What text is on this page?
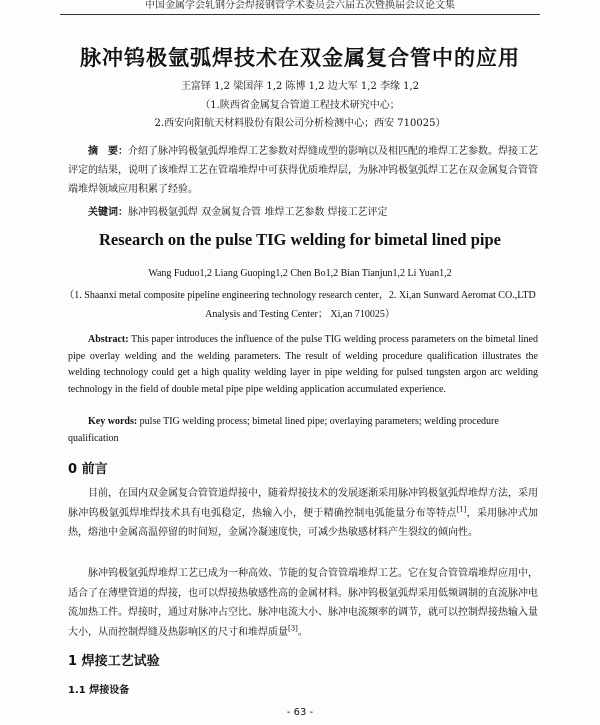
中国金属学会轧钢分会焊接钢管学术委员会六届五次暨换届会议论文集
脉冲钨极氩弧焊技术在双金属复合管中的应用
王富铎 1,2 梁国萍 1,2 陈博 1,2 边大军 1,2 李缘 1,2
（1.陕西省金属复合管道工程技术研究中心；
2.西安向阳航天材料股份有限公司分析检测中心；西安 710025）

摘　要：介绍了脉冲钨极氩弧焊堆焊工艺参数对焊缝成型的影响以及相匹配的堆焊工艺参数。焊接工艺评定的结果，说明了该堆焊工艺在管端堆焊中可获得优质堆焊层，为脉冲钨极氩弧焊工艺在双金属复合管管端堆焊领域应用积累了经验。

关键词：脉冲钨极氩弧焊 双金属复合管 堆焊工艺参数 焊接工艺评定

Research on the pulse TIG welding for bimetal lined pipe
Wang Fuduo1,2 Liang Guoping1,2 Chen Bo1,2 Bian Tianjun1,2 Li Yuan1,2

（1. Shaanxi metal composite pipeline engineering technology research center，2. Xi,an Sunward Aeromat CO.,LTD Analysis and Testing Center； Xi,an 710025）

Abstract: This paper introduces the influence of the pulse TIG welding process parameters on the bimetal lined pipe overlay welding and the welding parameters. The result of welding procedure qualification illustrates the welding technology could get a high quality welding layer in pipe welding for pulsed tungsten argon arc welding technology in the field of double metal pipe pipe welding application accumulated experience.

Key words: pulse TIG welding process; bimetal lined pipe; overlaying parameters; welding procedure qualification

0 前言

目前，在国内双金属复合管管道焊接中，随着焊接技术的发展逐渐采用脉冲钨极氩弧焊堆焊方法，采用脉冲钨极氩弧焊堆焊技术具有电弧稳定，热输入小，便于精确控制电弧能量分布等特点[1]，采用脉冲式加热，熔池中金属高温停留的时间短，金属冷凝速度快，可减少热敏感材料产生裂纹的倾向性。

脉冲钨极氩弧焊堆焊工艺已成为一种高效、节能的复合管管端堆焊工艺。它在复合管管端堆焊应用中，适合了在薄壁管道的焊接，也可以焊接热敏感性高的金属材料。脉冲钨极氩弧焊采用低频调制的直流脉冲电流加热工件。焊接时，通过对脉冲占空比、脉冲电流大小、脉冲电流频率的调节，就可以控制焊接热输入量大小，从而控制焊缝及热影响区的尺寸和堆焊质量[3]。

1 焊接工艺试验
1.1 焊接设备
- 63 -
